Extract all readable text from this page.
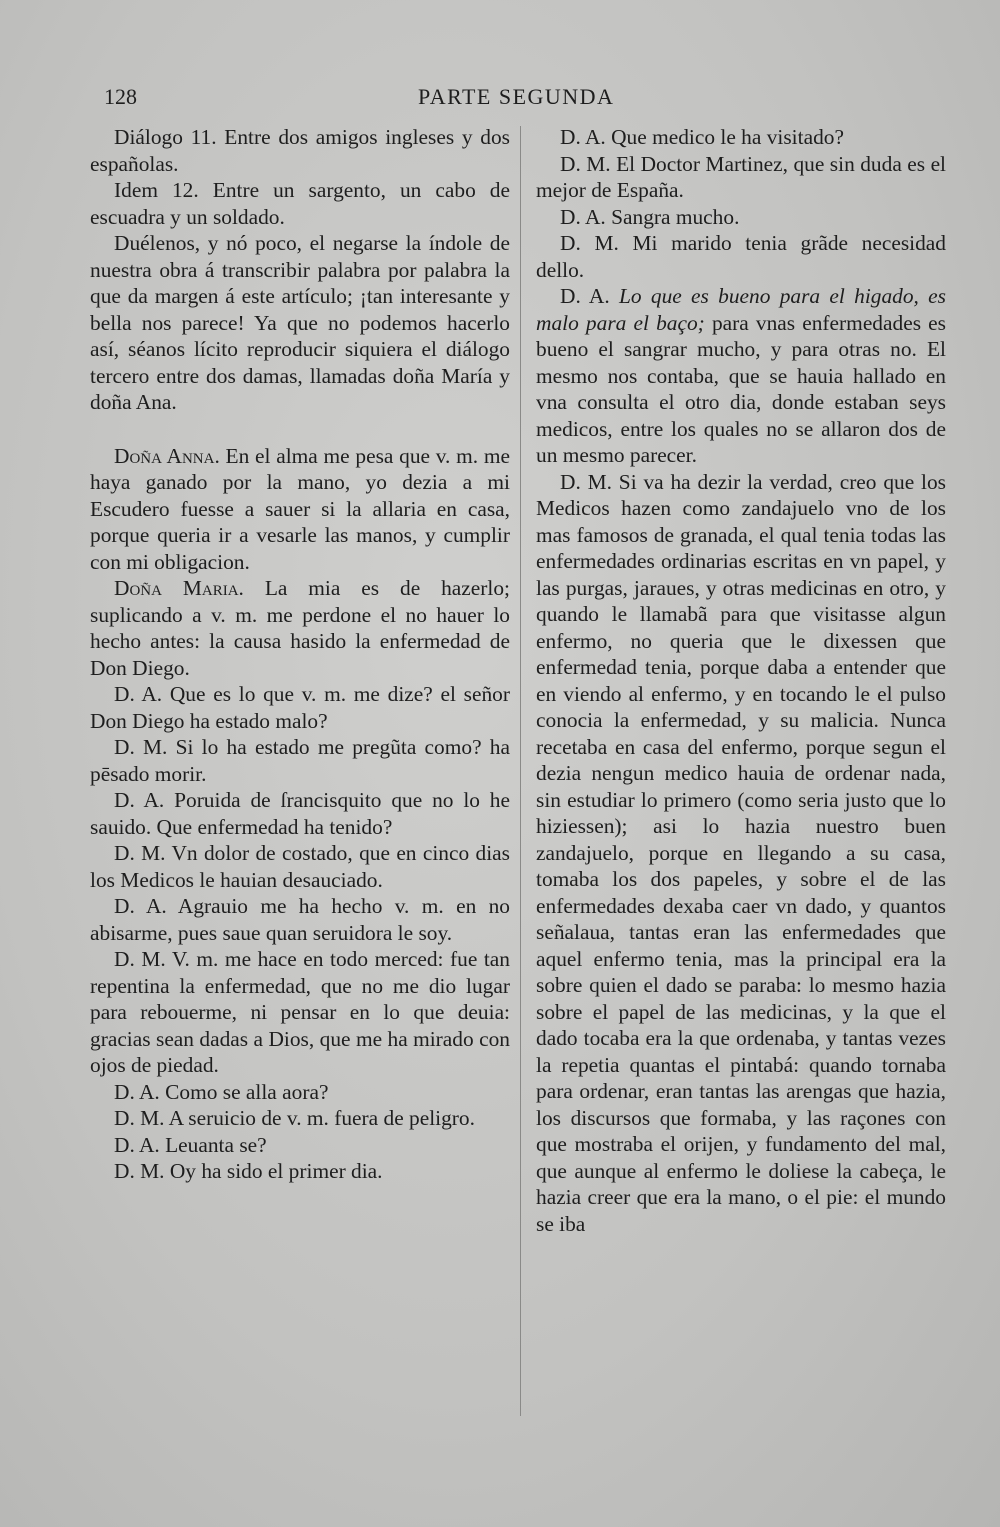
128	PARTE SEGUNDA

Diálogo 11. Entre dos amigos ingleses y dos españolas.

Idem 12. Entre un sargento, un cabo de escuadra y un soldado.

Duélenos, y nó poco, el negarse la índole de nuestra obra á transcribir palabra por palabra la que da margen á este artículo; ¡tan interesante y bella nos parece! Ya que no podemos hacerlo así, séanos lícito reproducir siquiera el diálogo tercero entre dos damas, llamadas doña María y doña Ana.

Doña Anna. En el alma me pesa que v. m. me haya ganado por la mano, yo dezia a mi Escudero fuesse a sauer si la allaria en casa, porque queria ir a vesarle las manos, y cumplir con mi obligacion.

Doña Maria. La mia es de hazerlo; suplicando a v. m. me perdone el no hauer lo hecho antes: la causa hasido la enfermedad de Don Diego.

D. A. Que es lo que v. m. me dize? el señor Don Diego ha estado malo?

D. M. Si lo ha estado me pregũta como? ha pēsado morir.

D. A. Poruida de ſrancisquito que no lo he sauido. Que enfermedad ha tenido?

D. M. Vn dolor de costado, que en cinco dias los Medicos le hauian desauciado.

D. A. Agrauio me ha hecho v. m. en no abisarme, pues saue quan seruidora le soy.

D. M. V. m. me hace en todo merced: fue tan repentina la enfermedad, que no me dio lugar para rebouerme, ni pensar en lo que deuia: gracias sean dadas a Dios, que me ha mirado con ojos de piedad.

D. A. Como se alla aora?

D. M. A seruicio de v. m. fuera de peligro.

D. A. Leuanta se?

D. M. Oy ha sido el primer dia.

D. A. Que medico le ha visitado?

D. M. El Doctor Martinez, que sin duda es el mejor de España.

D. A. Sangra mucho.

D. M. Mi marido tenia grãde necesidad dello.

D. A. Lo que es bueno para el higado, es malo para el baço; para vnas enfermedades es bueno el sangrar mucho, y para otras no. El mesmo nos contaba, que se hauia hallado en vna consulta el otro dia, donde estaban seys medicos, entre los quales no se allaron dos de un mesmo parecer.

D. M. Si va ha dezir la verdad, creo que los Medicos hazen como zandajuelo vno de los mas famosos de granada, el qual tenia todas las enfermedades ordinarias escritas en vn papel, y las purgas, jaraues, y otras medicinas en otro, y quando le llamabã para que visitasse algun enfermo, no queria que le dixessen que enfermedad tenia, porque daba a entender que en viendo al enfermo, y en tocando le el pulso conocia la enfermedad, y su malicia. Nunca recetaba en casa del enfermo, porque segun el dezia nengun medico hauia de ordenar nada, sin estudiar lo primero (como seria justo que lo hiziessen); asi lo hazia nuestro buen zandajuelo, porque en llegando a su casa, tomaba los dos papeles, y sobre el de las enfermedades dexaba caer vn dado, y quantos señalaua, tantas eran las enfermedades que aquel enfermo tenia, mas la principal era la sobre quien el dado se paraba: lo mesmo hazia sobre el papel de las medicinas, y la que el dado tocaba era la que ordenaba, y tantas vezes la repetia quantas el pintabá: quando tornaba para ordenar, eran tantas las arengas que hazia, los discursos que formaba, y las raçones con que mostraba el orijen, y fundamento del mal, que aunque al enfermo le doliese la cabeça, le hazia creer que era la mano, o el pie: el mundo se iba
